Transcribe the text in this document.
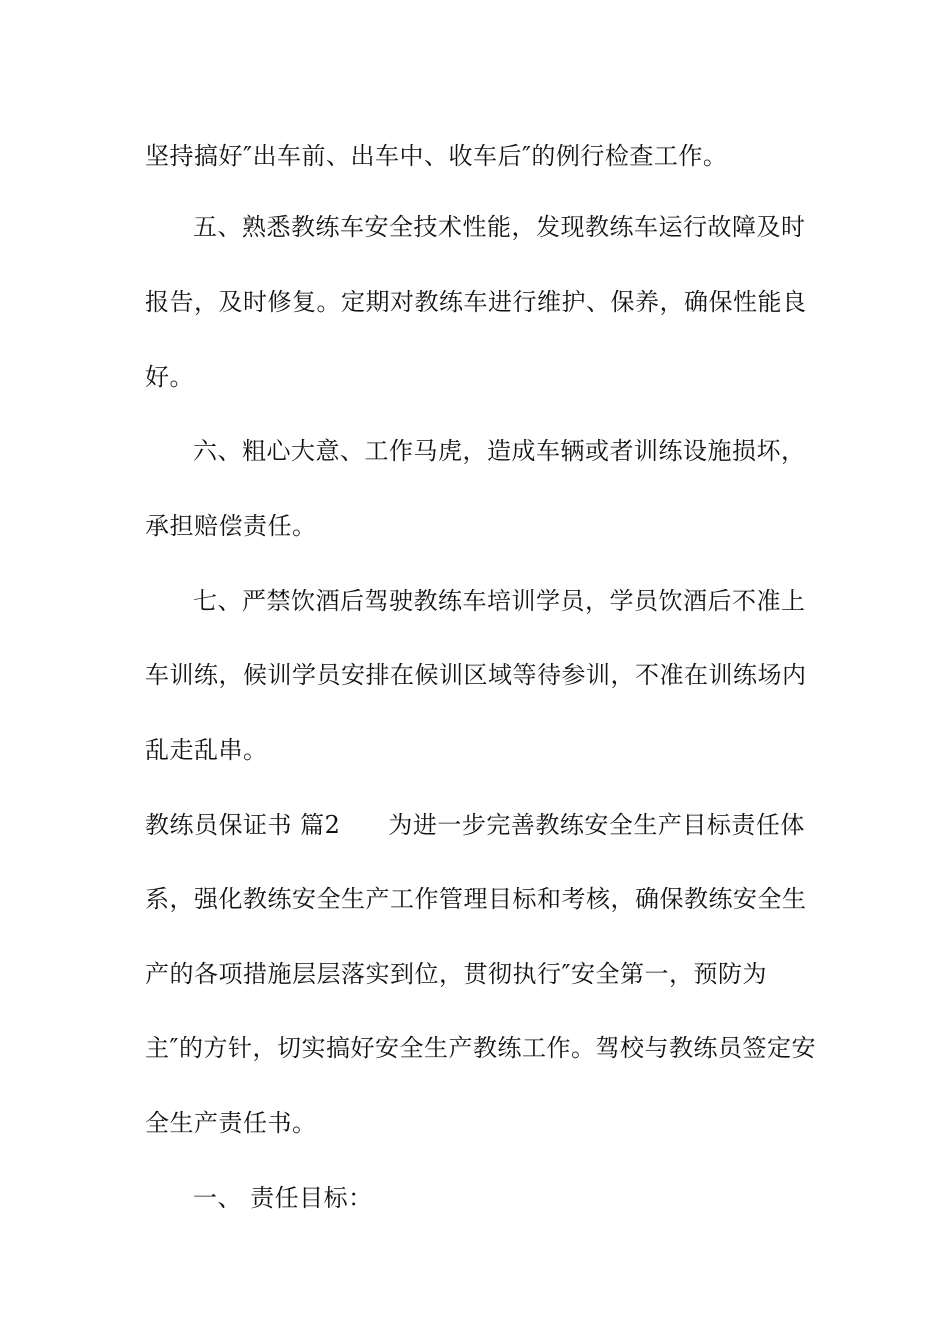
坚持搞好″出车前、出车中、收车后″的例行检查工作。
五、熟悉教练车安全技术性能，发现教练车运行故障及时
报告，及时修复。定期对教练车进行维护、保养，确保性能良
好。
六、粗心大意、工作马虎，造成车辆或者训练设施损坏，
承担赔偿责任。
七、严禁饮酒后驾驶教练车培训学员，学员饮酒后不准上
车训练，候训学员安排在候训区域等待参训，不准在训练场内
乱走乱串。
教练员保证书 篇2 为进一步完善教练安全生产目标责任体
系，强化教练安全生产工作管理目标和考核，确保教练安全生
产的各项措施层层落实到位，贯彻执行″安全第一，预防为
主″的方针，切实搞好安全生产教练工作。驾校与教练员签定安
全生产责任书。
一、 责任目标：
